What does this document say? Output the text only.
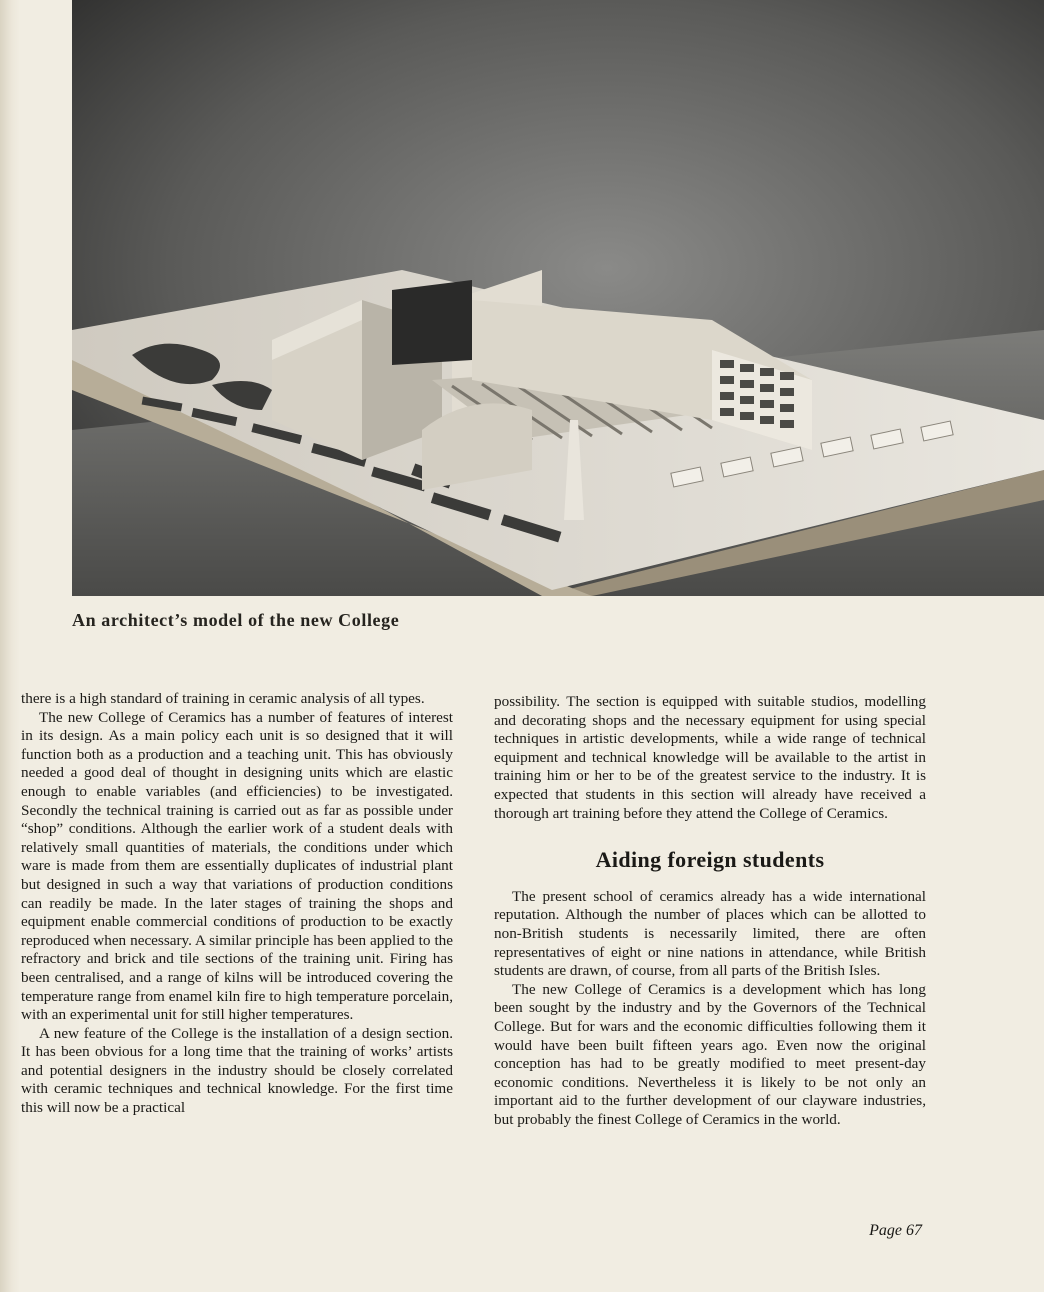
An architect’s model of the new College

there is a high standard of training in ceramic analysis of all types.

The new College of Ceramics has a number of features of interest in its design. As a main policy each unit is so designed that it will function both as a production and a teaching unit. This has obviously needed a good deal of thought in designing units which are elastic enough to enable variables (and efficiencies) to be investigated. Secondly the technical training is carried out as far as possible under “shop” conditions. Although the earlier work of a student deals with relatively small quantities of materials, the conditions under which ware is made from them are essentially duplicates of industrial plant but designed in such a way that variations of production conditions can readily be made. In the later stages of training the shops and equipment enable commercial conditions of production to be exactly reproduced when necessary. A similar principle has been applied to the refractory and brick and tile sections of the training unit. Firing has been centralised, and a range of kilns will be introduced covering the temperature range from enamel kiln fire to high temperature porcelain, with an experimental unit for still higher temperatures.

A new feature of the College is the installation of a design section. It has been obvious for a long time that the training of works’ artists and potential designers in the industry should be closely correlated with ceramic techniques and technical knowledge. For the first time this will now be a practical

possibility. The section is equipped with suitable studios, modelling and decorating shops and the necessary equipment for using special techniques in artistic developments, while a wide range of technical equipment and technical knowledge will be available to the artist in training him or her to be of the greatest service to the industry. It is expected that students in this section will already have received a thorough art training before they attend the College of Ceramics.

Aiding foreign students

The present school of ceramics already has a wide international reputation. Although the number of places which can be allotted to non-British students is necessarily limited, there are often representatives of eight or nine nations in attendance, while British students are drawn, of course, from all parts of the British Isles.

The new College of Ceramics is a development which has long been sought by the industry and by the Governors of the Technical College. But for wars and the economic difficulties following them it would have been built fifteen years ago. Even now the original conception has had to be greatly modified to meet present-day economic conditions. Nevertheless it is likely to be not only an important aid to the further development of our clayware industries, but probably the finest College of Ceramics in the world.

Page 67
